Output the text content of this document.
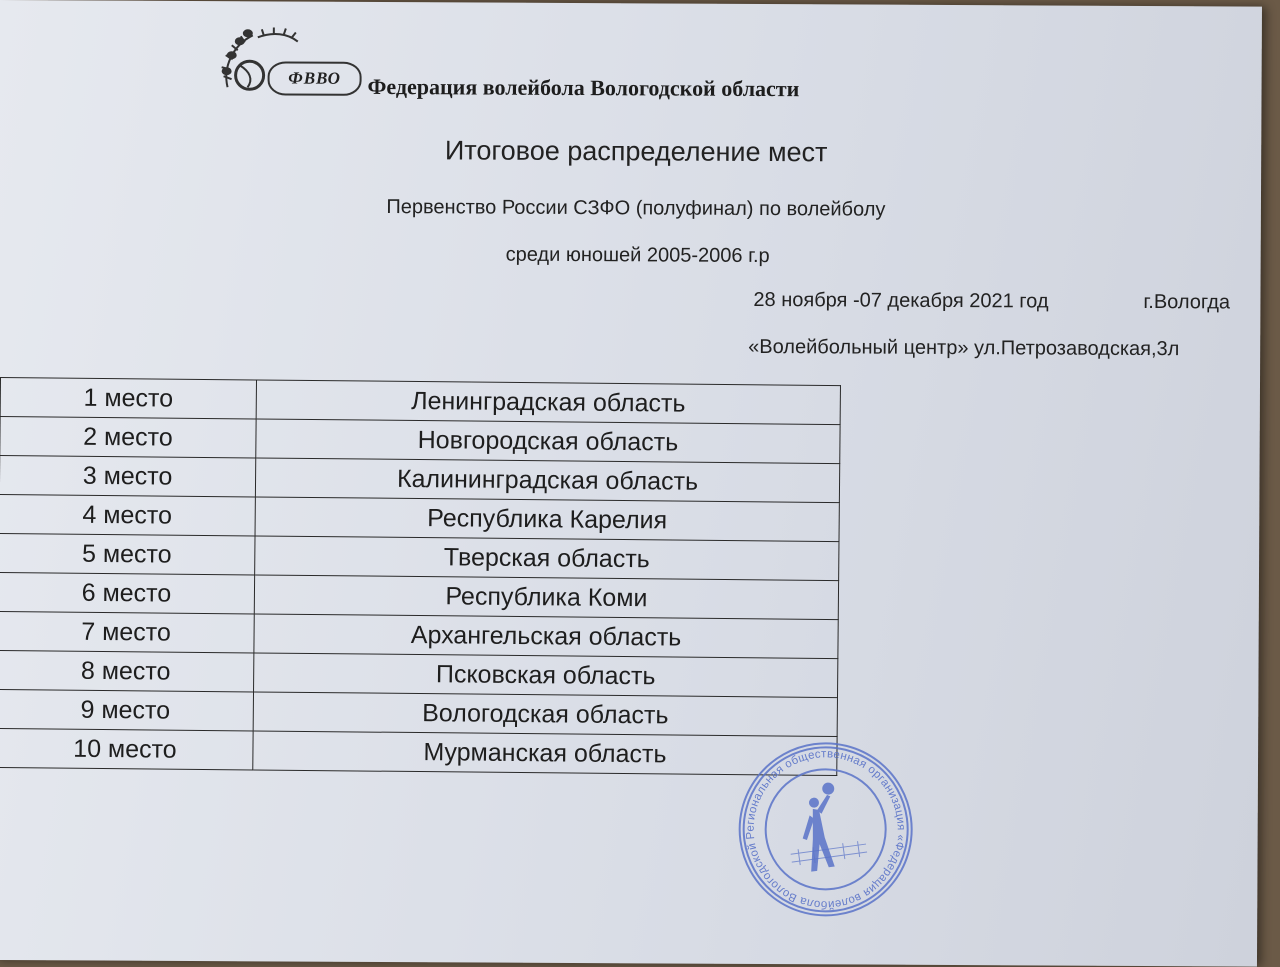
ФВВО Федерация волейбола Вологодской области
Итоговое распределение мест
Первенство России СЗФО (полуфинал) по волейболу
среди юношей 2005-2006 г.р
28 ноября -07 декабря 2021 год	г.Вологда
«Волейбольный центр» ул.Петрозаводская,3л
1 место	Ленинградская область
2 место	Новгородская область
3 место	Калининградская область
4 место	Республика Карелия
5 место	Тверская область
6 место	Республика Коми
7 место	Архангельская область
8 место	Псковская область
9 место	Вологодская область
10 место	Мурманская область
Региональная общественная организация «Федерация волейбола Вологодской области» Россия • г. Вологда •
